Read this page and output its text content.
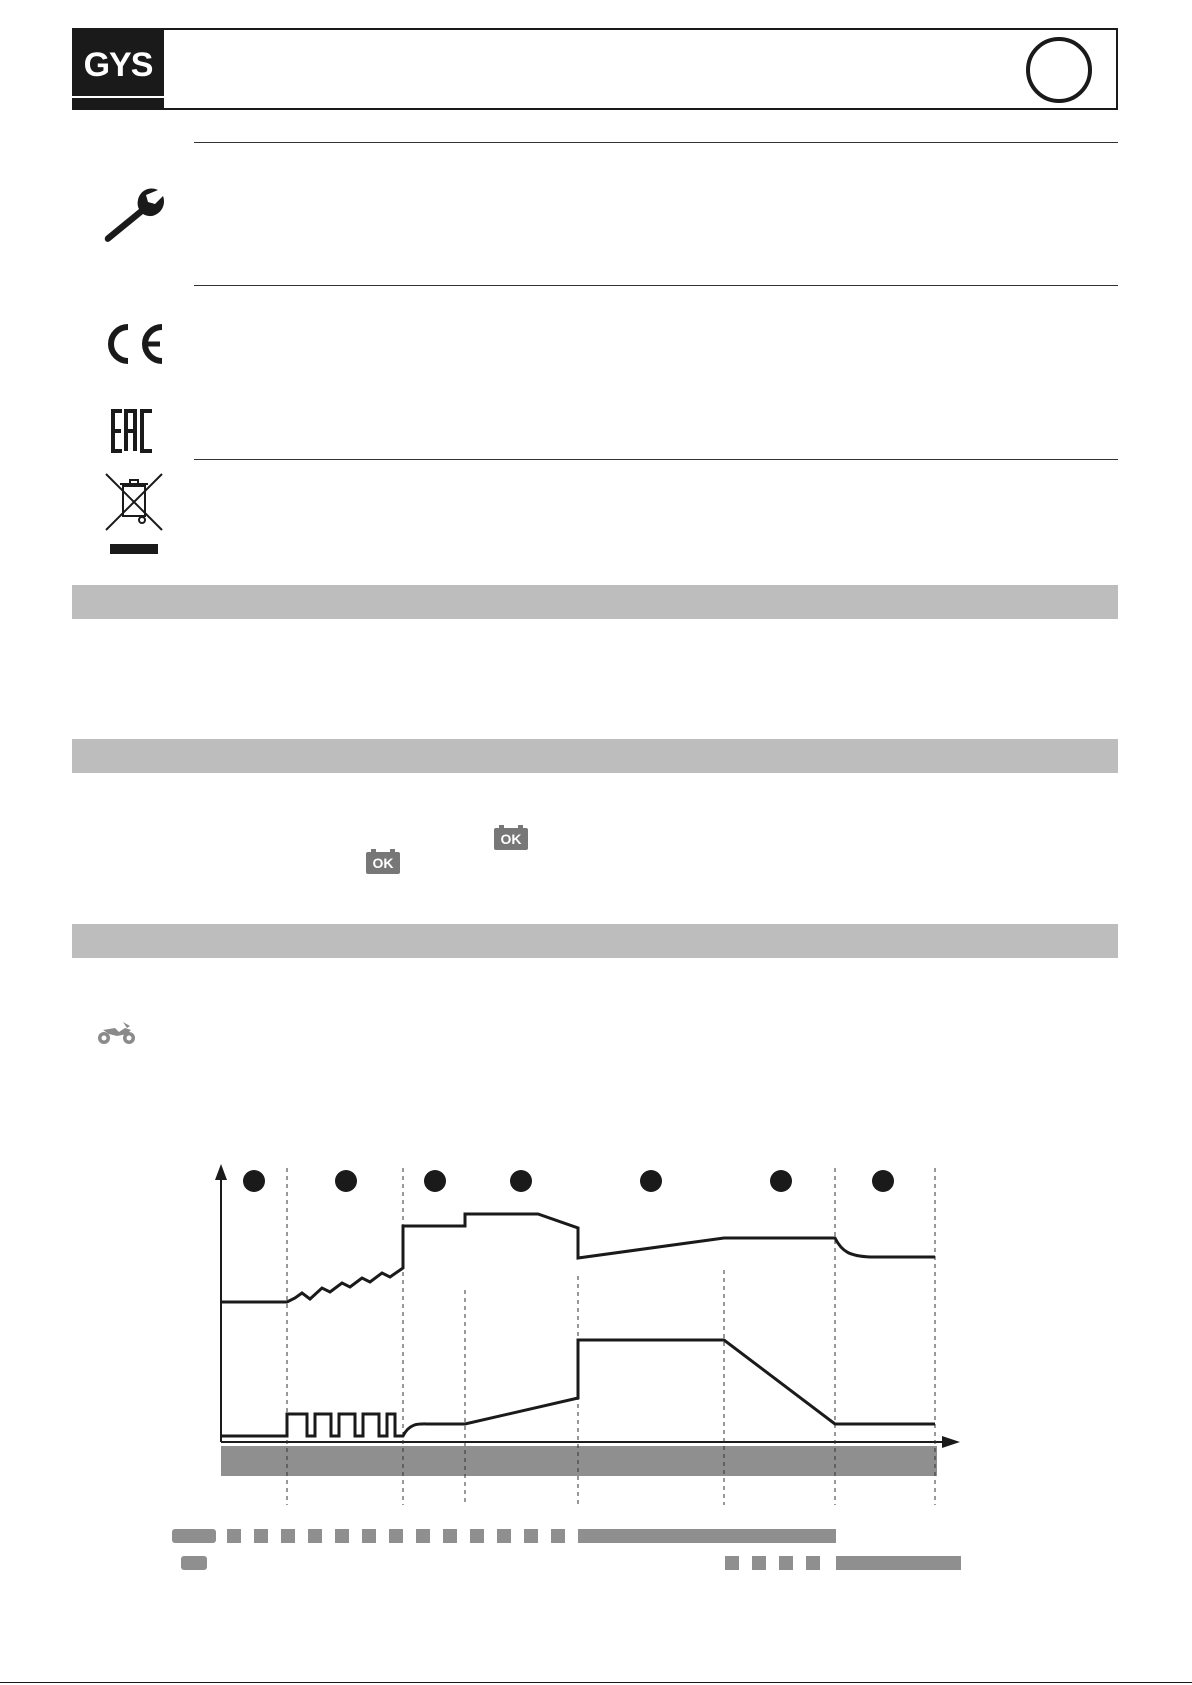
GYS
OK
OK
